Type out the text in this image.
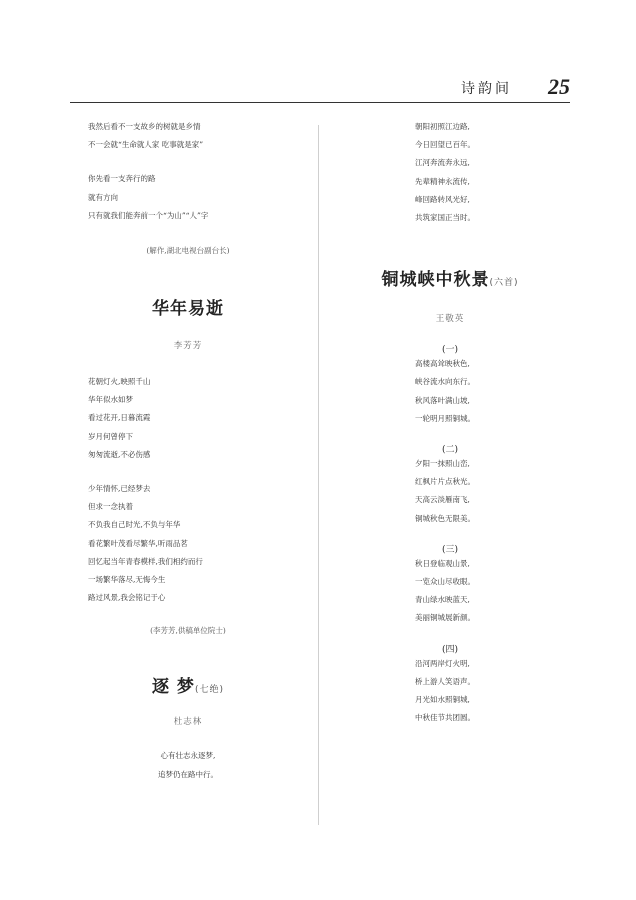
诗韵间 25
我然后看不一支故乡的树就是乡情
不一会就“生命就人家 吃事就是家”
你先看一支奔行的路
就有方向
只有就我们能奔前一个“为山”“人”字
(解作,湖北电视台副台长)
华年易逝
李芳芳
花朝灯火,映照千山
华年似水如梦
看过花开,日暮流霞
岁月何曾停下
匆匆流逝,不必伤感
少年情怀,已经梦去
但求一念执着
不负我自己时光,不负与年华
看花繁叶茂看尽繁华,听雨品茗
回忆起当年青春模样,我们相约而行
一场繁华落尽,无悔今生
路过风景,我会铭记于心
(李芳芳,供稿单位院士)
逐 梦(七绝)
杜志林
心有壮志永逐梦,
追梦仍在路中行。
朝阳初照江边路,
今日回望已百年。
江河奔流奔永远,
先辈精神永流传,
峰回路转风光好,
共筑家国正当时。
铜城峡中秋景(六首)
王敬英
(一)
高楼高耸映秋色,
峡谷流水向东行。
秋风落叶满山坡,
一轮明月照铜城。
(二)
夕阳一抹照山峦,
红枫片片点秋光。
天高云淡雁南飞,
铜城秋色无限美。
(三)
秋日登临观山景,
一览众山尽收眼。
青山绿水映蓝天,
美丽铜城展新颜。
(四)
沿河两岸灯火明,
桥上游人笑语声。
月光如水照铜城,
中秋佳节共团圆。
